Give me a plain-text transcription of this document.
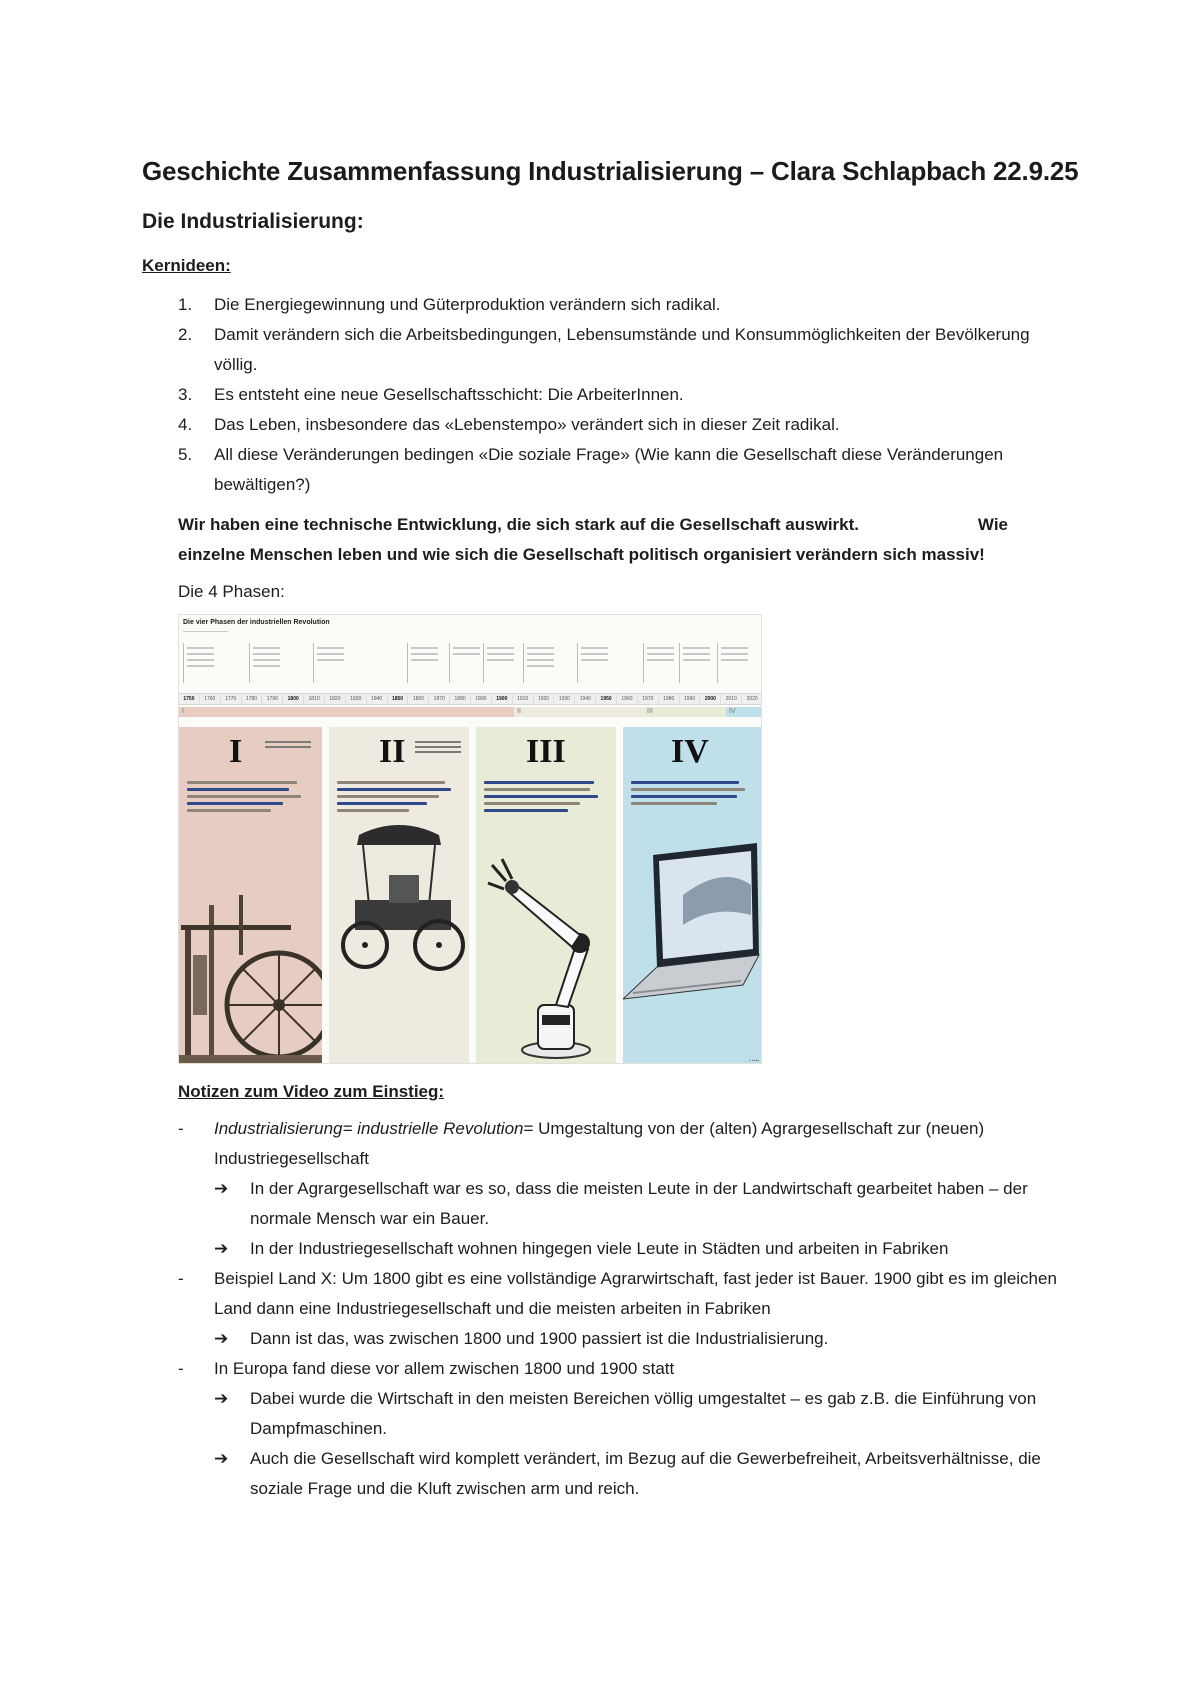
Geschichte Zusammenfassung Industrialisierung – Clara Schlapbach 22.9.25
Die Industrialisierung:
Kernideen:
1. Die Energiegewinnung und Güterproduktion verändern sich radikal.
2. Damit verändern sich die Arbeitsbedingungen, Lebensumstände und Konsummöglichkeiten der Bevölkerung völlig.
3. Es entsteht eine neue Gesellschaftsschicht: Die ArbeiterInnen.
4. Das Leben, insbesondere das «Lebenstempo» verändert sich in dieser Zeit radikal.
5. All diese Veränderungen bedingen «Die soziale Frage» (Wie kann die Gesellschaft diese Veränderungen bewältigen?)
Wir haben eine technische Entwicklung, die sich stark auf die Gesellschaft auswirkt.	Wie
einzelne Menschen leben und wie sich die Gesellschaft politisch organisiert verändern sich massiv!
Die 4 Phasen:
Die vier Phasen der industriellen Revolution
―――――――――
1750	1760	1770	1780	1790	1800	1810	1820	1830	1840	1850	1860	1870	1880	1890	1900	1910	1920	1930	1940	1950	1960	1970	1980	1990	2000	2010	2020
I	II	III	IV
I	II	III	IV
▪ ▪▪▪▪
Notizen zum Video zum Einstieg:
- Industrialisierung= industrielle Revolution= Umgestaltung von der (alten) Agrargesellschaft zur (neuen) Industriegesellschaft
➔ In der Agrargesellschaft war es so, dass die meisten Leute in der Landwirtschaft gearbeitet haben – der normale Mensch war ein Bauer.
➔ In der Industriegesellschaft wohnen hingegen viele Leute in Städten und arbeiten in Fabriken
- Beispiel Land X: Um 1800 gibt es eine vollständige Agrarwirtschaft, fast jeder ist Bauer. 1900 gibt es im gleichen Land dann eine Industriegesellschaft und die meisten arbeiten in Fabriken
➔ Dann ist das, was zwischen 1800 und 1900 passiert ist die Industrialisierung.
- In Europa fand diese vor allem zwischen 1800 und 1900 statt
➔ Dabei wurde die Wirtschaft in den meisten Bereichen völlig umgestaltet – es gab z.B. die Einführung von Dampfmaschinen.
➔ Auch die Gesellschaft wird komplett verändert, im Bezug auf die Gewerbefreiheit, Arbeitsverhältnisse, die soziale Frage und die Kluft zwischen arm und reich.
